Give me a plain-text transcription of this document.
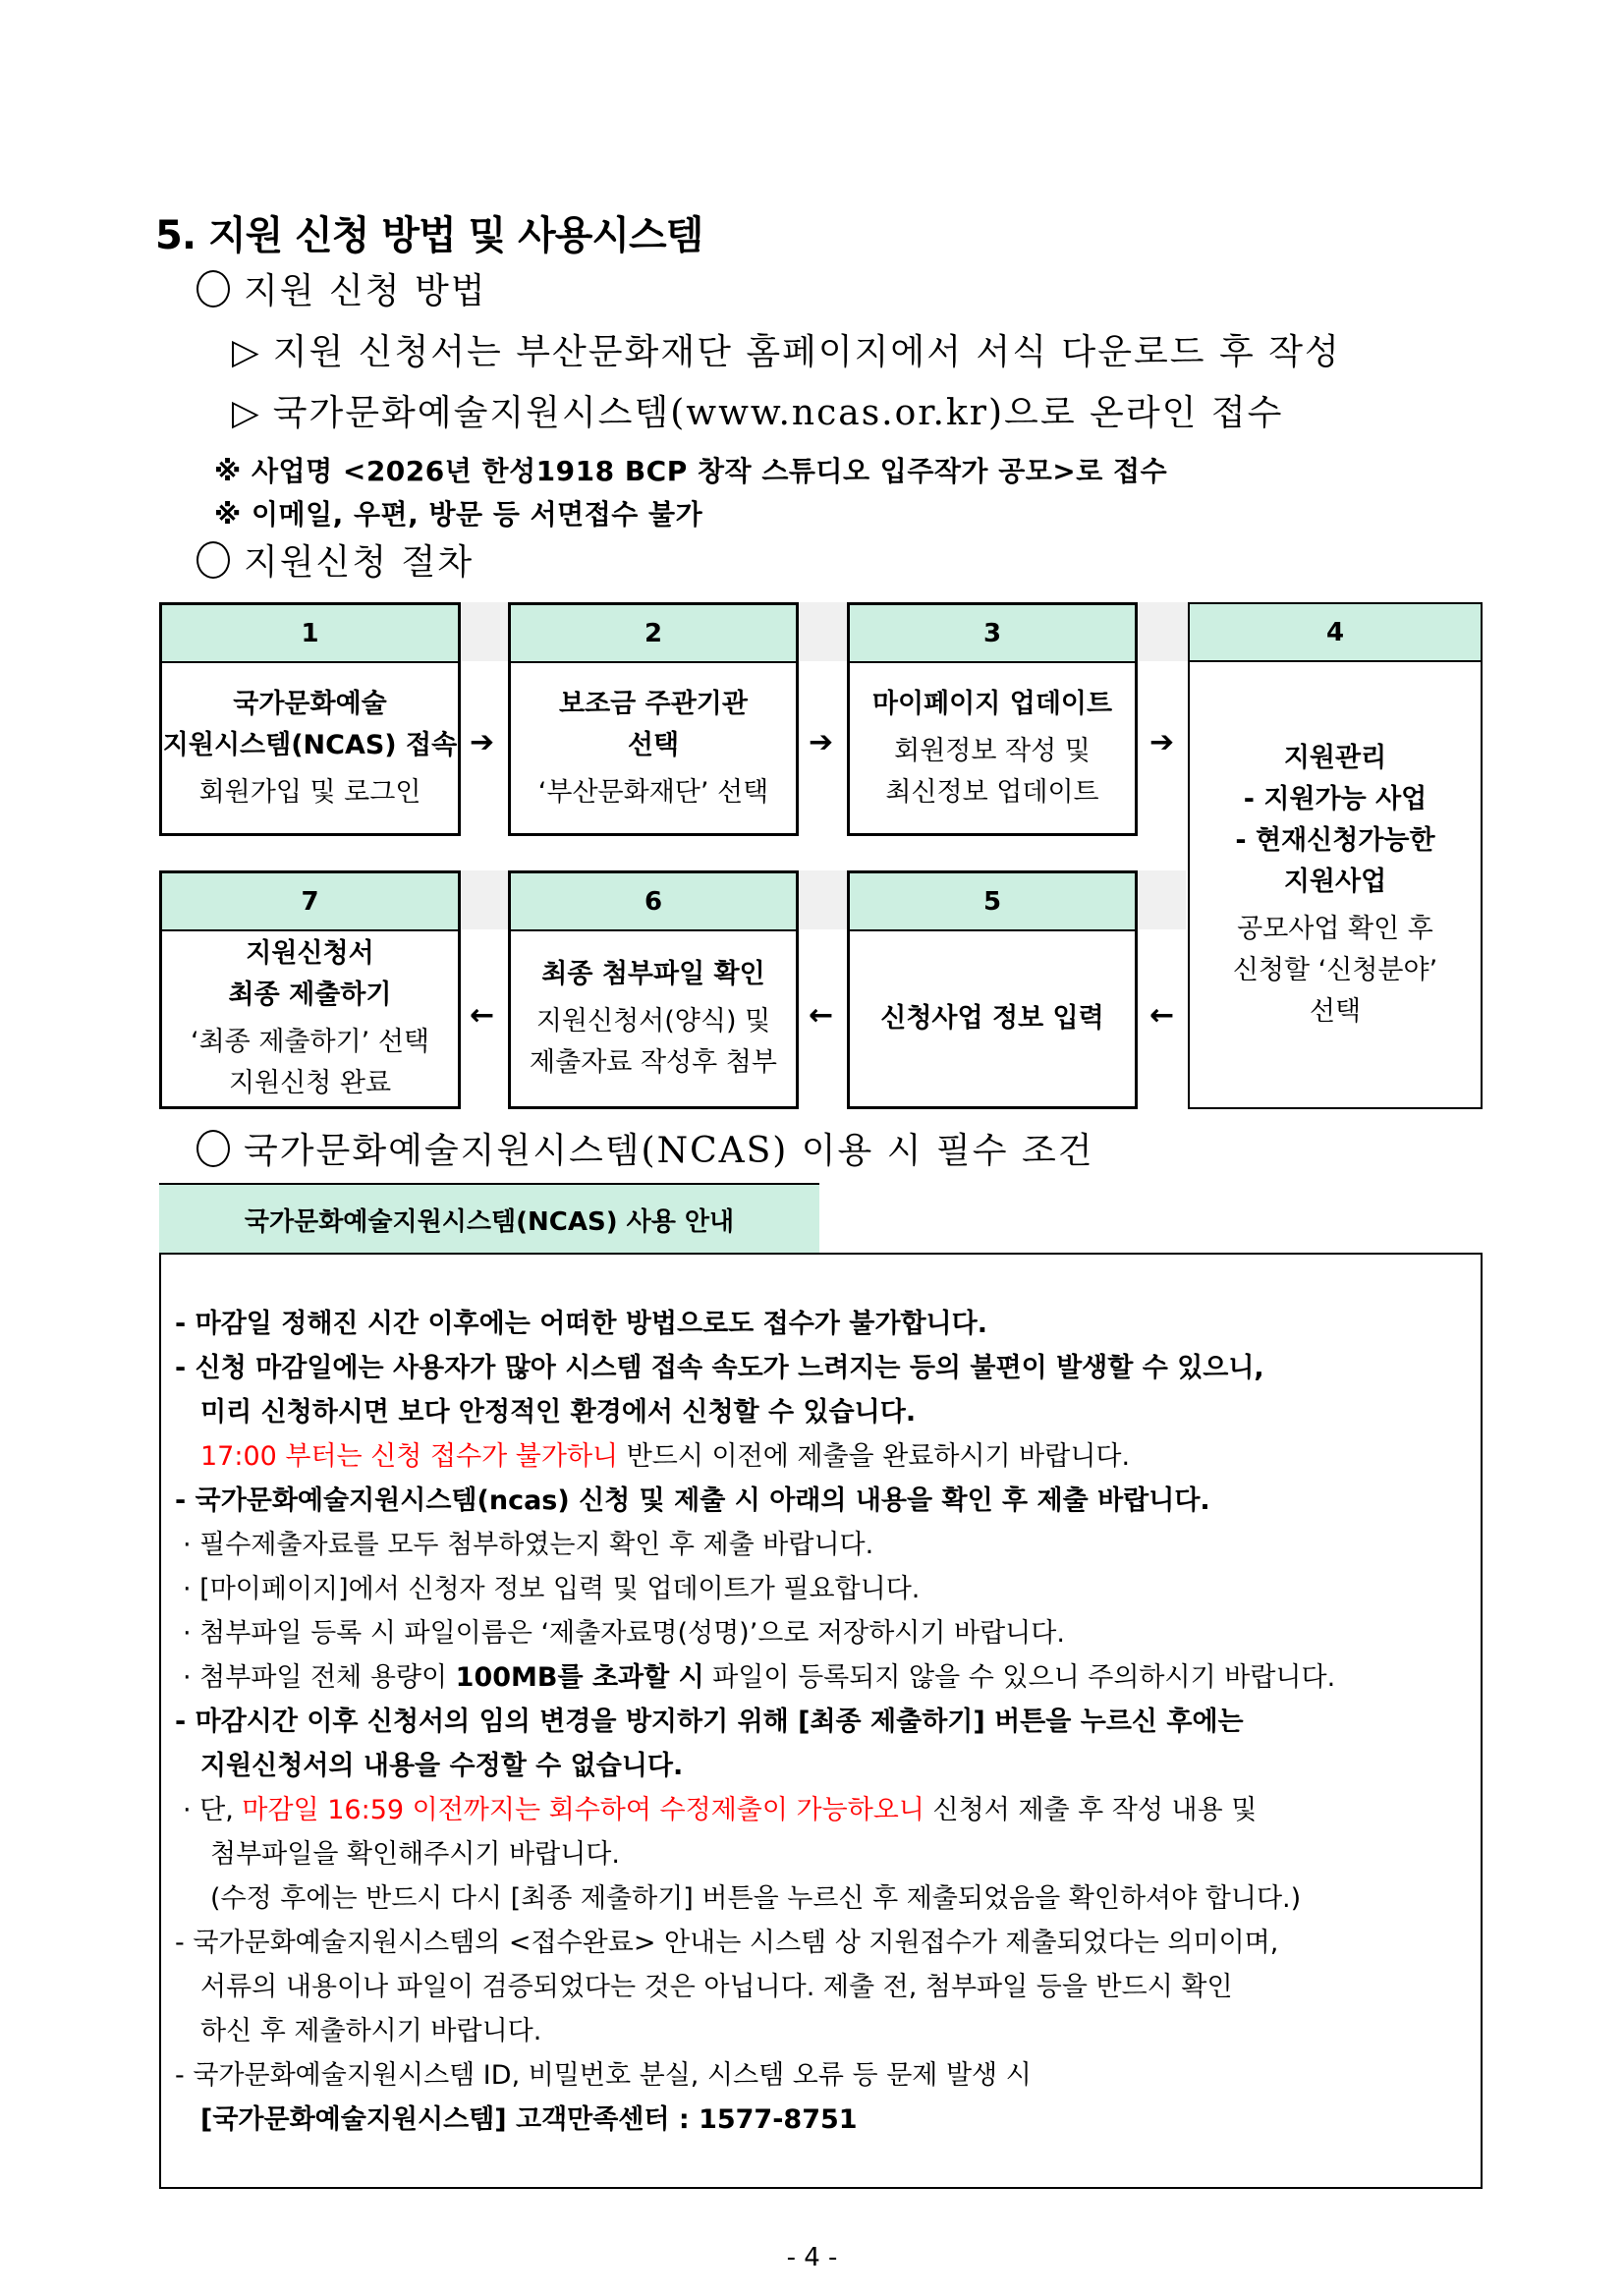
5. 지원 신청 방법 및 사용시스템
지원 신청 방법
▷ 지원 신청서는 부산문화재단 홈페이지에서 서식 다운로드 후 작성
▷ 국가문화예술지원시스템(www.ncas.or.kr)으로 온라인 접수
※ 사업명 <2026년 한성1918 BCP 창작 스튜디오 입주작가 공모>로 접수
※ 이메일, 우편, 방문 등 서면접수 불가
지원신청 절차
1
국가문화예술
지원시스템(NCAS) 접속
회원가입 및 로그인
2
보조금 주관기관
선택
‘부산문화재단’ 선택
3
마이페이지 업데이트
회원정보 작성 및
최신정보 업데이트
4
지원관리
- 지원가능 사업
- 현재신청가능한
지원사업
공모사업 확인 후
신청할 ‘신청분야’
선택
5
신청사업 정보 입력
6
최종 첨부파일 확인
지원신청서(양식) 및
제출자료 작성후 첨부
7
지원신청서
최종 제출하기
‘최종 제출하기’ 선택
지원신청 완료
➔	➔	➔
←
←
←
국가문화예술지원시스템(NCAS) 이용 시 필수 조건
국가문화예술지원시스템(NCAS) 사용 안내
- 마감일 정해진 시간 이후에는 어떠한 방법으로도 접수가 불가합니다.
- 신청 마감일에는 사용자가 많아 시스템 접속 속도가 느려지는 등의 불편이 발생할 수 있으니,
미리 신청하시면 보다 안정적인 환경에서 신청할 수 있습니다.
17:00 부터는 신청 접수가 불가하니 반드시 이전에 제출을 완료하시기 바랍니다.
- 국가문화예술지원시스템(ncas) 신청 및 제출 시 아래의 내용을 확인 후 제출 바랍니다.
· 필수제출자료를 모두 첨부하였는지 확인 후 제출 바랍니다.
· [마이페이지]에서 신청자 정보 입력 및 업데이트가 필요합니다.
· 첨부파일 등록 시 파일이름은 ‘제출자료명(성명)’으로 저장하시기 바랍니다.
· 첨부파일 전체 용량이 100MB를 초과할 시 파일이 등록되지 않을 수 있으니 주의하시기 바랍니다.
- 마감시간 이후 신청서의 임의 변경을 방지하기 위해 [최종 제출하기] 버튼을 누르신 후에는
지원신청서의 내용을 수정할 수 없습니다.
· 단, 마감일 16:59 이전까지는 회수하여 수정제출이 가능하오니 신청서 제출 후 작성 내용 및
첨부파일을 확인해주시기 바랍니다.
(수정 후에는 반드시 다시 [최종 제출하기] 버튼을 누르신 후 제출되었음을 확인하셔야 합니다.)
- 국가문화예술지원시스템의 <접수완료> 안내는 시스템 상 지원접수가 제출되었다는 의미이며,
서류의 내용이나 파일이 검증되었다는 것은 아닙니다. 제출 전, 첨부파일 등을 반드시 확인
하신 후 제출하시기 바랍니다.
- 국가문화예술지원시스템 ID, 비밀번호 분실, 시스템 오류 등 문제 발생 시
[국가문화예술지원시스템] 고객만족센터 : 1577-8751
- 4 -
